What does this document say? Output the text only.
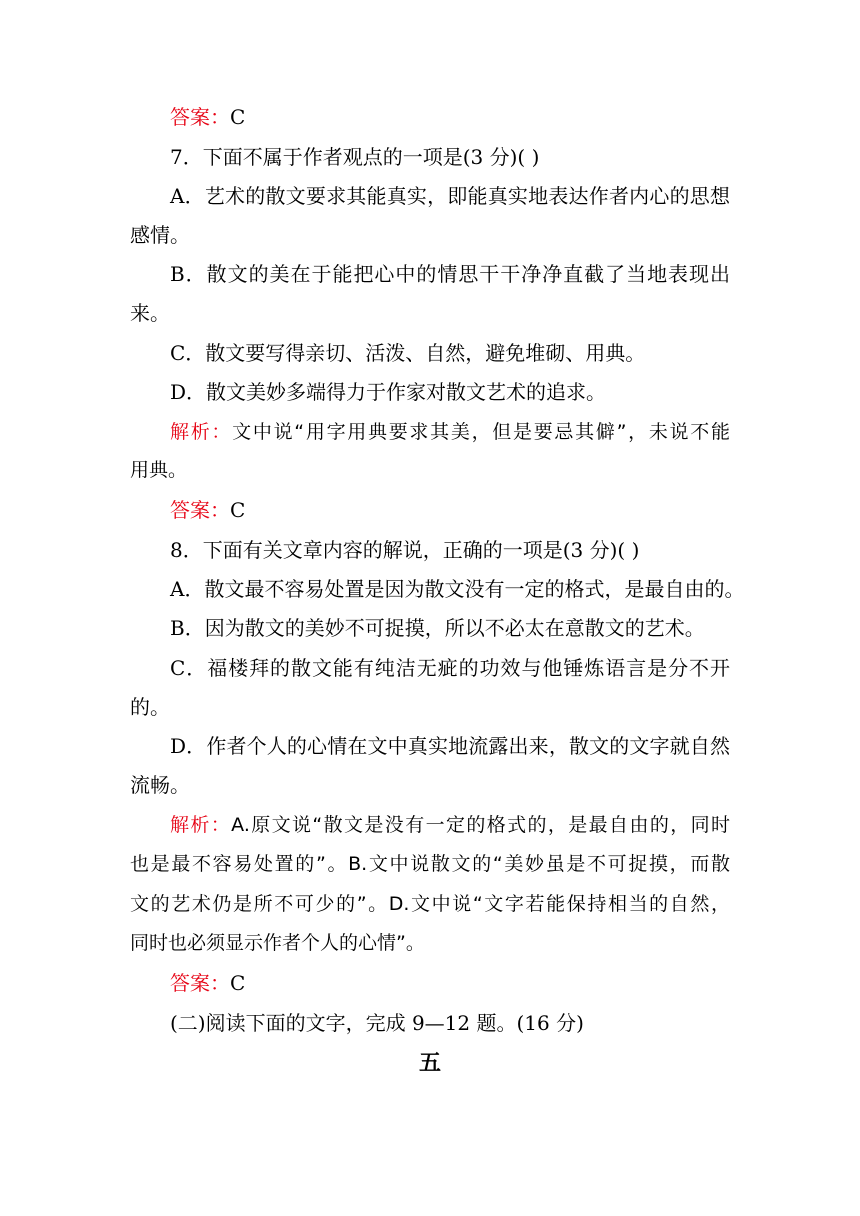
答案：C
7．下面不属于作者观点的一项是(3 分)( )
A．艺术的散文要求其能真实，即能真实地表达作者内心的思想
感情。
B．散文的美在于能把心中的情思干干净净直截了当地表现出
来。
C．散文要写得亲切、活泼、自然，避免堆砌、用典。
D．散文美妙多端得力于作家对散文艺术的追求。
解析：文中说“用字用典要求其美，但是要忌其僻”，未说不能
用典。
答案：C
8．下面有关文章内容的解说，正确的一项是(3 分)( )
A．散文最不容易处置是因为散文没有一定的格式，是最自由的。
B．因为散文的美妙不可捉摸，所以不必太在意散文的艺术。
C．福楼拜的散文能有纯洁无疵的功效与他锤炼语言是分不开
的。
D．作者个人的心情在文中真实地流露出来，散文的文字就自然
流畅。
解析：A.原文说“散文是没有一定的格式的，是最自由的，同时
也是最不容易处置的”。B.文中说散文的“美妙虽是不可捉摸，而散
文的艺术仍是所不可少的”。D.文中说“文字若能保持相当的自然，
同时也必须显示作者个人的心情”。
答案：C
(二)阅读下面的文字，完成 9—12 题。(16 分)
五
